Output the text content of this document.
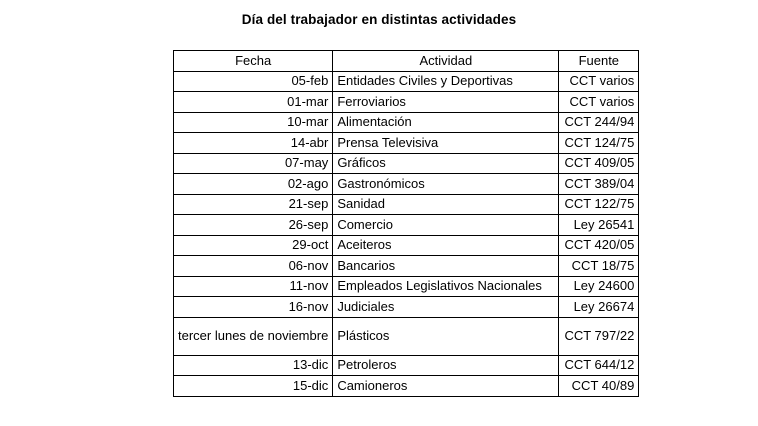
Día del trabajador en distintas actividades
Fecha	Actividad	Fuente
05-feb	Entidades Civiles y Deportivas	CCT varios
01-mar	Ferroviarios	CCT varios
10-mar	Alimentación	CCT 244/94
14-abr	Prensa Televisiva	CCT 124/75
07-may	Gráficos	CCT 409/05
02-ago	Gastronómicos	CCT 389/04
21-sep	Sanidad	CCT 122/75
26-sep	Comercio	Ley 26541
29-oct	Aceiteros	CCT 420/05
06-nov	Bancarios	CCT 18/75
11-nov	Empleados Legislativos Nacionales	Ley 24600
16-nov	Judiciales	Ley 26674
tercer lunes de noviembre	Plásticos	CCT 797/22
13-dic	Petroleros	CCT 644/12
15-dic	Camioneros	CCT 40/89
